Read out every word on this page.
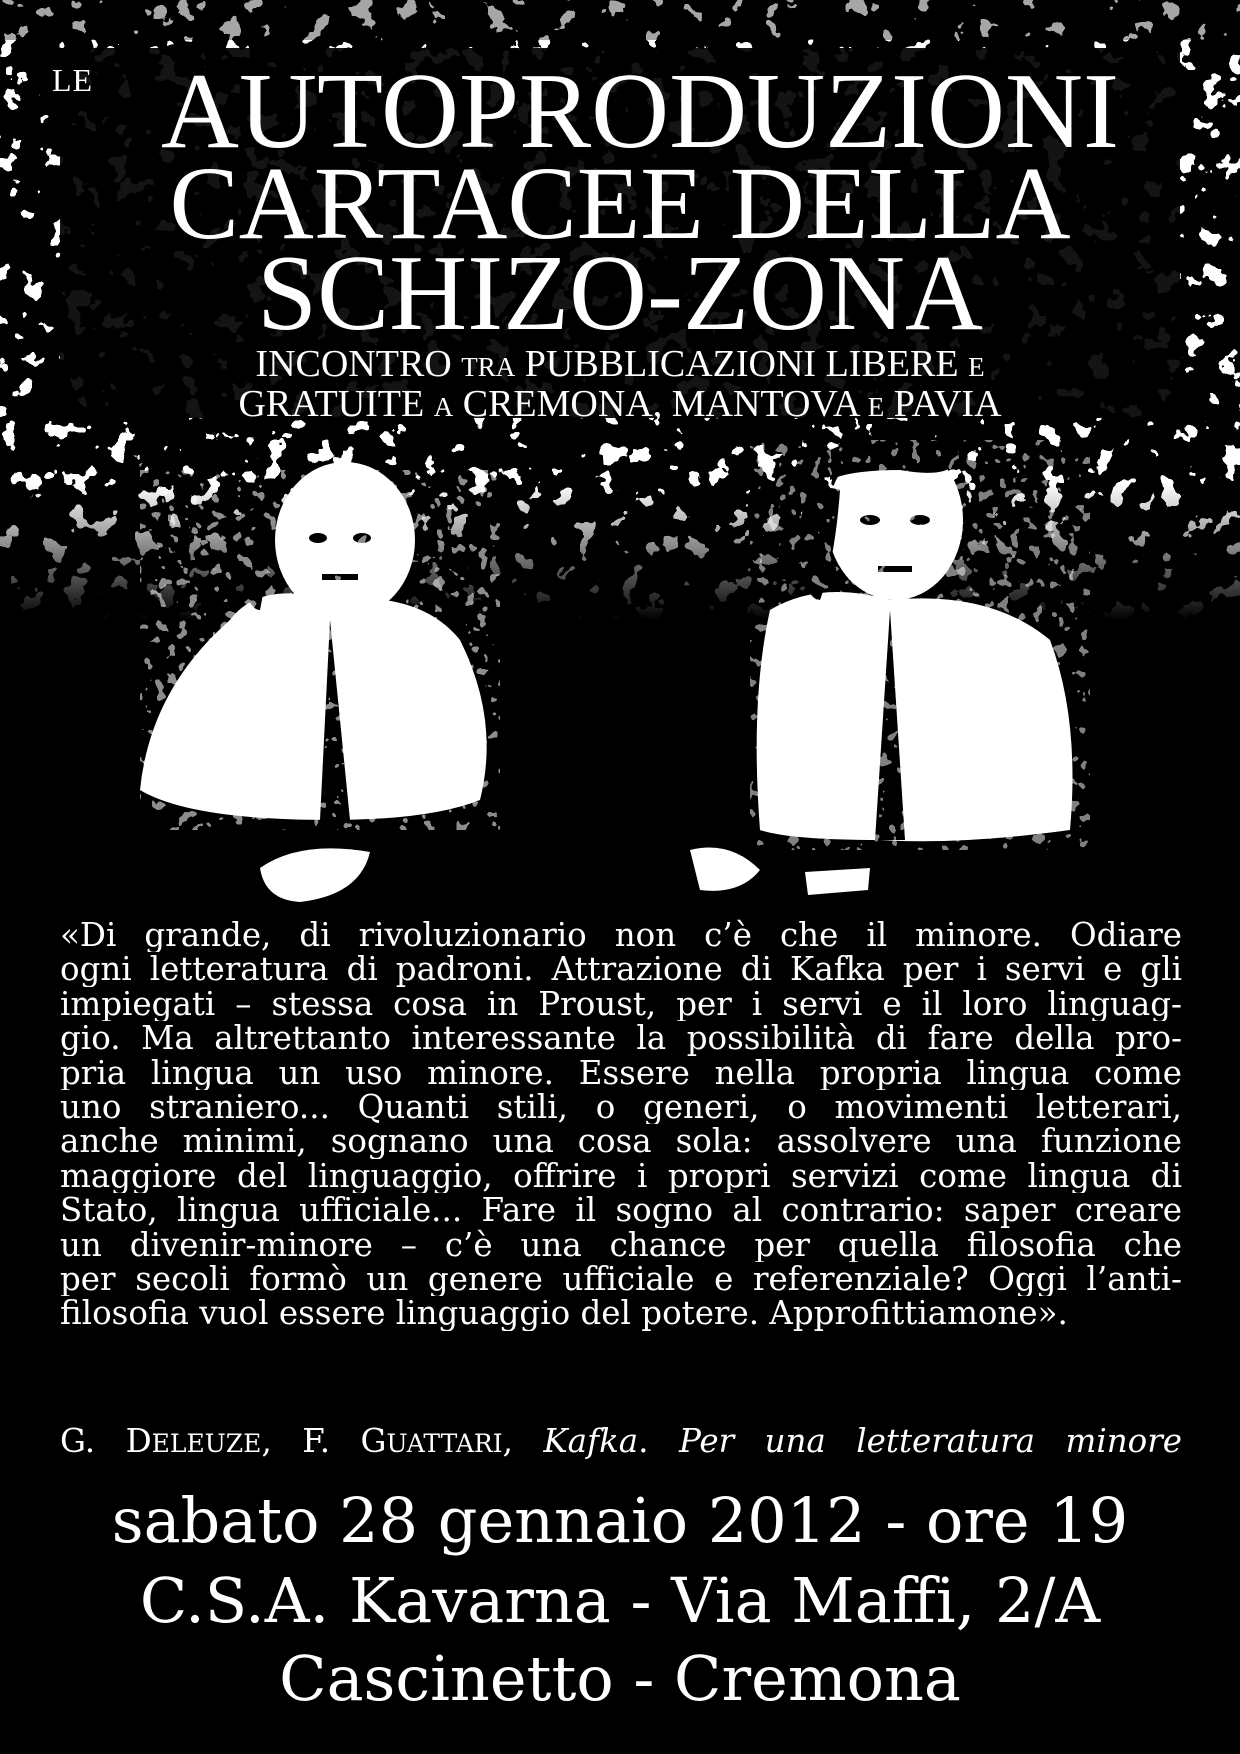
LE AUTOPRODUZIONI
CARTACEE DELLA
SCHIZO-ZONA
INCONTRO TRA PUBBLICAZIONI LIBERE E
GRATUITE A CREMONA, MANTOVA E PAVIA
«Di grande, di rivoluzionario non c’è che il minore. Odiare
ogni letteratura di padroni. Attrazione di Kafka per i servi e gli
impiegati – stessa cosa in Proust, per i servi e il loro linguag-
gio. Ma altrettanto interessante la possibilità di fare della pro-
pria lingua un uso minore. Essere nella propria lingua come
uno straniero... Quanti stili, o generi, o movimenti letterari,
anche minimi, sognano una cosa sola: assolvere una funzione
maggiore del linguaggio, offrire i propri servizi come lingua di
Stato, lingua ufficiale... Fare il sogno al contrario: saper creare
un divenir-minore – c’è una chance per quella filosofia che
per secoli formò un genere ufficiale e referenziale? Oggi l’anti-
filosofia vuol essere linguaggio del potere. Approfittiamone».
G. DELEUZE, F. GUATTARI, Kafka. Per una letteratura minore
sabato 28 gennaio 2012 - ore 19
C.S.A. Kavarna - Via Maffi, 2/A
Cascinetto - Cremona
